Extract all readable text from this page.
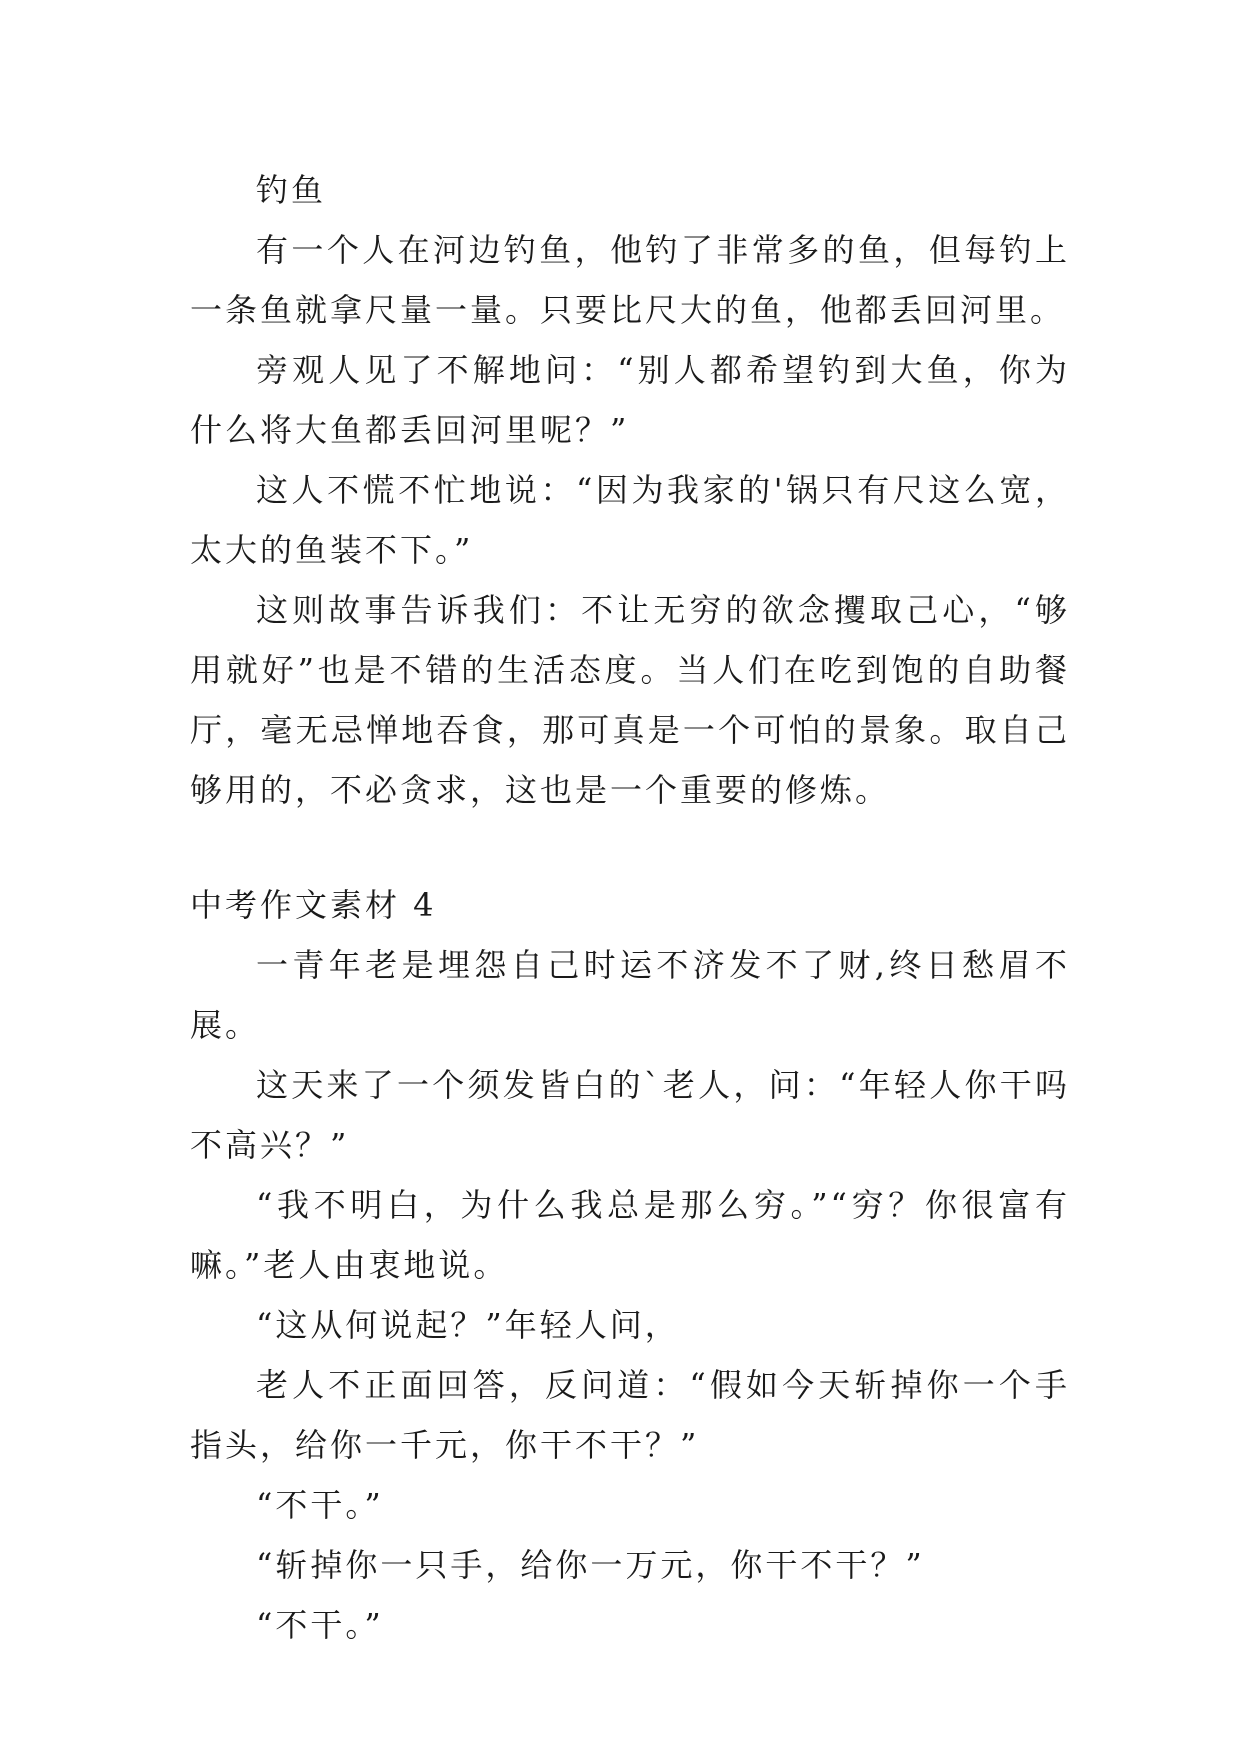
钓鱼

有一个人在河边钓鱼，他钓了非常多的鱼，但每钓上一条鱼就拿尺量一量。只要比尺大的鱼，他都丢回河里。

旁观人见了不解地问：“别人都希望钓到大鱼，你为什么将大鱼都丢回河里呢？”

这人不慌不忙地说：“因为我家的'锅只有尺这么宽，太大的鱼装不下。”

这则故事告诉我们：不让无穷的欲念攫取己心，“够用就好”也是不错的生活态度。当人们在吃到饱的自助餐厅，毫无忌惮地吞食，那可真是一个可怕的景象。取自己够用的，不必贪求，这也是一个重要的修炼。

中考作文素材 4

一青年老是埋怨自己时运不济发不了财,终日愁眉不展。

这天来了一个须发皆白的`老人，问：“年轻人你干吗不高兴？”

“我不明白，为什么我总是那么穷。”“穷？你很富有嘛。”老人由衷地说。

“这从何说起？”年轻人问，

老人不正面回答，反问道：“假如今天斩掉你一个手指头，给你一千元，你干不干？”

“不干。”

“斩掉你一只手，给你一万元，你干不干？”

“不干。”
